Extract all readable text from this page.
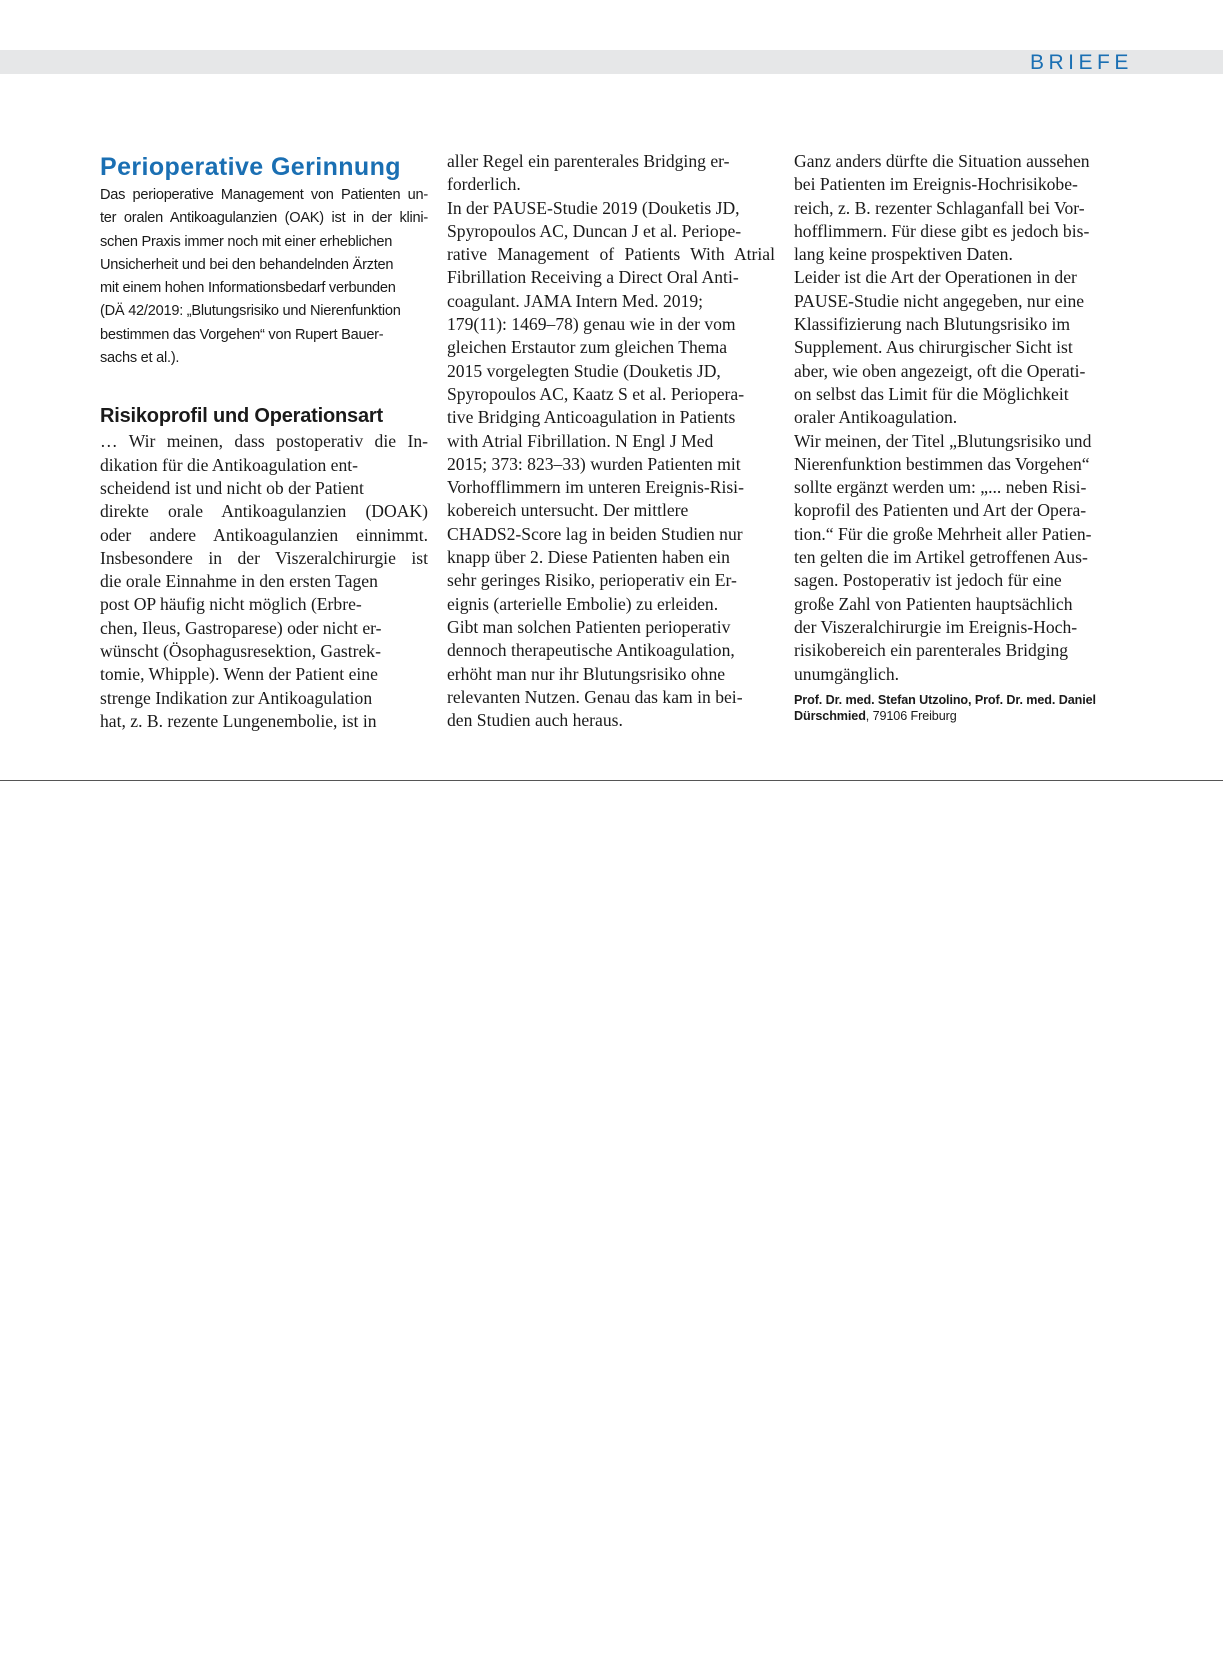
BRIEFE
Perioperative Gerinnung
Das perioperative Management von Patienten un-
ter oralen Antikoagulanzien (OAK) ist in der klini-
schen Praxis immer noch mit einer erheblichen
Unsicherheit und bei den behandelnden Ärzten
mit einem hohen Informationsbedarf verbunden
(DÄ 42/2019: „Blutungsrisiko und Nierenfunktion
bestimmen das Vorgehen“ von Rupert Bauer-
sachs et al.).
Risikoprofil und Operationsart
… Wir meinen, dass postoperativ die In-
dikation für die Antikoagulation ent-
scheidend ist und nicht ob der Patient
direkte orale Antikoagulanzien (DOAK)
oder andere Antikoagulanzien einnimmt.
Insbesondere in der Viszeralchirurgie ist
die orale Einnahme in den ersten Tagen
post OP häufig nicht möglich (Erbre-
chen, Ileus, Gastroparese) oder nicht er-
wünscht (Ösophagusresektion, Gastrek-
tomie, Whipple). Wenn der Patient eine
strenge Indikation zur Antikoagulation
hat, z. B. rezente Lungenembolie, ist in
aller Regel ein parenterales Bridging er-
forderlich.
In der PAUSE-Studie 2019 (Douketis JD,
Spyropoulos AC, Duncan J et al. Periope-
rative Management of Patients With Atrial
Fibrillation Receiving a Direct Oral Anti-
coagulant. JAMA Intern Med. 2019;
179(11): 1469–78) genau wie in der vom
gleichen Erstautor zum gleichen Thema
2015 vorgelegten Studie (Douketis JD,
Spyropoulos AC, Kaatz S et al. Periopera-
tive Bridging Anticoagulation in Patients
with Atrial Fibrillation. N Engl J Med
2015; 373: 823–33) wurden Patienten mit
Vorhofflimmern im unteren Ereignis-Risi-
kobereich untersucht. Der mittlere
CHADS2-Score lag in beiden Studien nur
knapp über 2. Diese Patienten haben ein
sehr geringes Risiko, perioperativ ein Er-
eignis (arterielle Embolie) zu erleiden.
Gibt man solchen Patienten perioperativ
dennoch therapeutische Antikoagulation,
erhöht man nur ihr Blutungsrisiko ohne
relevanten Nutzen. Genau das kam in bei-
den Studien auch heraus.
Ganz anders dürfte die Situation aussehen
bei Patienten im Ereignis-Hochrisikobe-
reich, z. B. rezenter Schlaganfall bei Vor-
hofflimmern. Für diese gibt es jedoch bis-
lang keine prospektiven Daten.
Leider ist die Art der Operationen in der
PAUSE-Studie nicht angegeben, nur eine
Klassifizierung nach Blutungsrisiko im
Supplement. Aus chirurgischer Sicht ist
aber, wie oben angezeigt, oft die Operati-
on selbst das Limit für die Möglichkeit
oraler Antikoagulation.
Wir meinen, der Titel „Blutungsrisiko und
Nierenfunktion bestimmen das Vorgehen“
sollte ergänzt werden um: „... neben Risi-
koprofil des Patienten und Art der Opera-
tion.“ Für die große Mehrheit aller Patien-
ten gelten die im Artikel getroffenen Aus-
sagen. Postoperativ ist jedoch für eine
große Zahl von Patienten hauptsächlich
der Viszeralchirurgie im Ereignis-Hoch-
risikobereich ein parenterales Bridging
unumgänglich.
Prof. Dr. med. Stefan Utzolino, Prof. Dr. med. Daniel
Dürschmied, 79106 Freiburg
